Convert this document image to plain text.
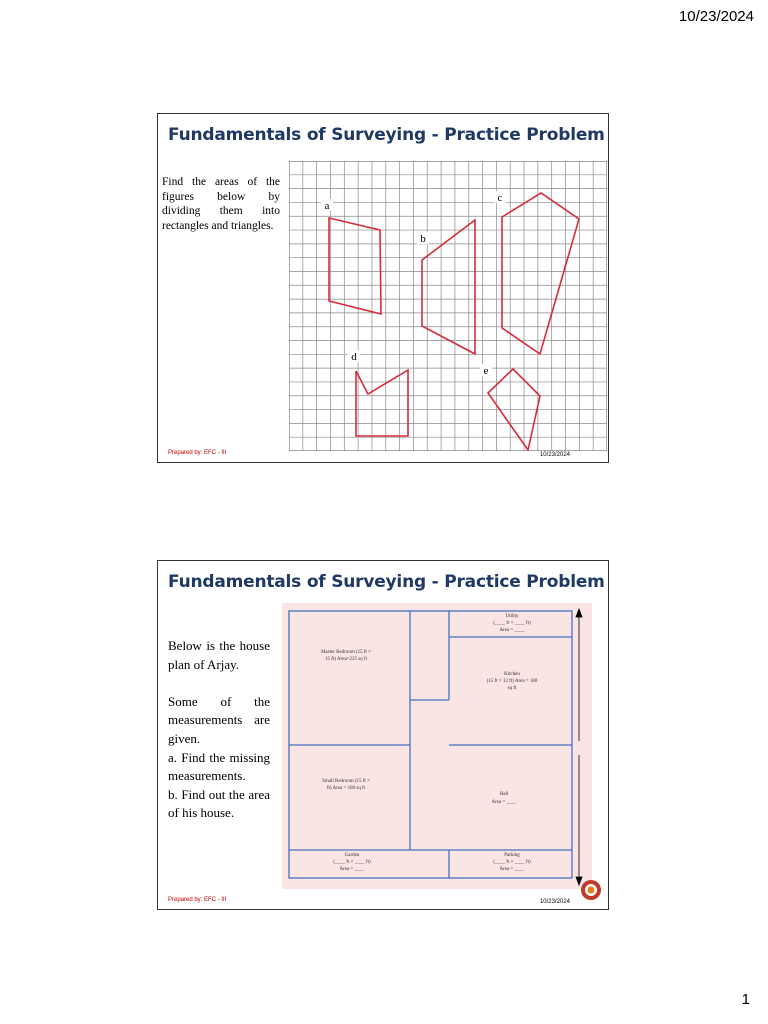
10/23/2024
Fundamentals of Surveying - Practice Problem
Find the areas of the figures below by dividing them into rectangles and triangles.
a
b
c
d
e
Prepared by: EFC - III	10/23/2024
Fundamentals of Surveying - Practice Problem
Below is the house plan of Arjay.
Some of the measurements are given.
a. Find the missing measurements.
b. Find out the area of his house.
Utility
(____ ft × ____ ft)
Area = ____
Master Bedroom (15 ft ×
15 ft) Area=225 sq ft
Kitchen
(15 ft × 12 ft) Area = 180
sq ft
Small Bedroom (15 ft ×
ft) Area = 180 sq ft
Hall
Area = ____
Garden
(____ ft × ____ ft)
Area = ____
Parking
(____ ft × ____ ft)
Area = ____
Prepared by: EFC - III	10/23/2024
1
